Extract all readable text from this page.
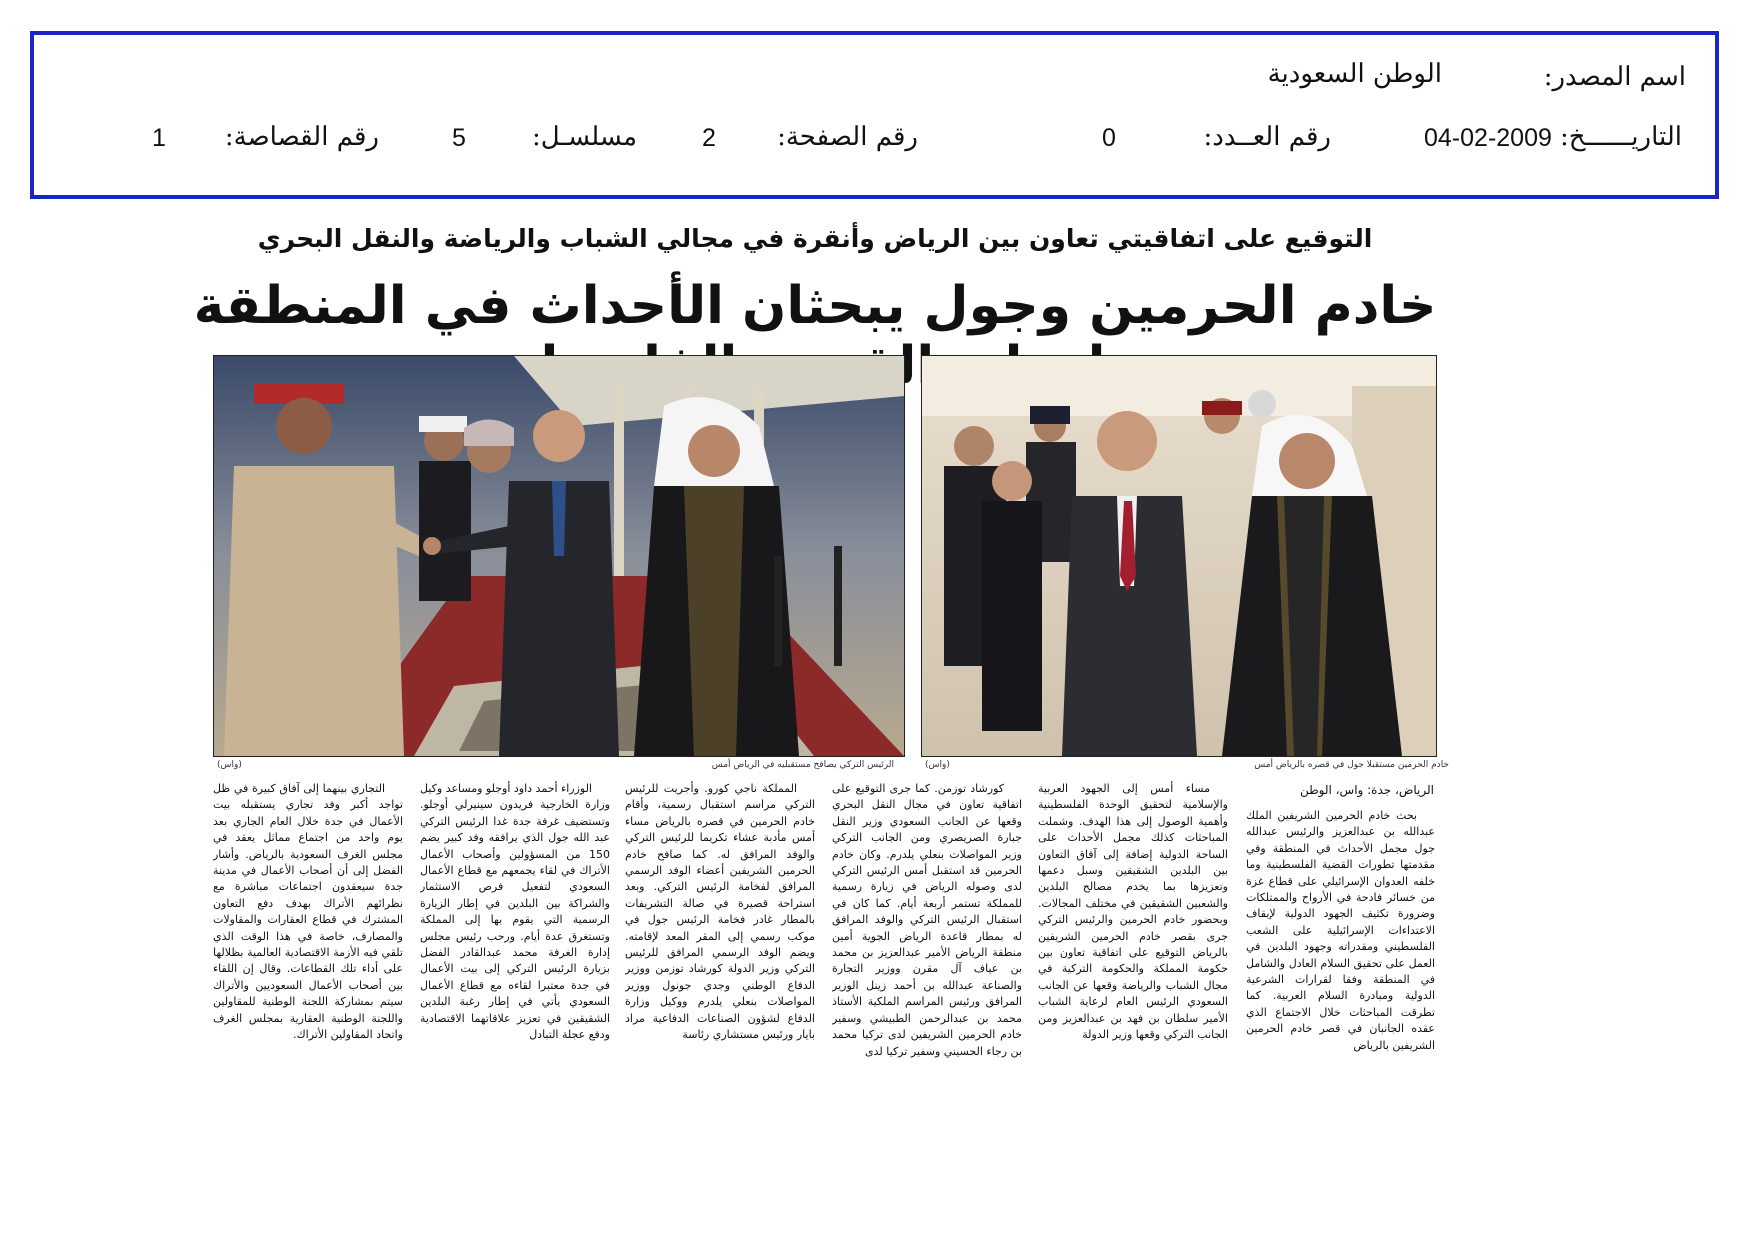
اسم المصدر:
الوطن السعودية
التاريــــــخ:
04-02-2009
رقم العــدد:
0
رقم الصفحة:
2
مسلسـل:
5
رقم القصاصة:
1
التوقيع على اتفاقيتي تعاون بين الرياض وأنقرة في مجالي الشباب والرياضة والنقل البحري
خادم الحرمين وجول يبحثان الأحداث في المنطقة
خادم الحرمين مستقبلا جول في قصره بالرياض أمس
(واس)
الرئيس التركي يصافح مستقبليه في الرياض أمس
(واس)
الرياض، جدة: واس، الوطن

بحث خادم الحرمين الشريفين الملك عبدالله بن عبدالعزيز والرئيس عبدالله جول مجمل الأحداث في المنطقة وفي مقدمتها تطورات القضية الفلسطينية وما خلفه العدوان الإسرائيلي على قطاع غزة من خسائر فادحة في الأرواح والممتلكات وضرورة تكثيف الجهود الدولية لإيقاف الاعتداءات الإسرائيلية على الشعب الفلسطيني ومقدراته وجهود البلدين في العمل على تحقيق السلام العادل والشامل في المنطقة وفقا لقرارات الشرعية الدولية ومبادرة السلام العربية. كما تطرقت المباحثات خلال الاجتماع الذي عقده الجانبان في قصر خادم الحرمين الشريفين بالرياض

مساء أمس إلى الجهود العربية والإسلامية لتحقيق الوحدة الفلسطينية وأهمية الوصول إلى هذا الهدف. وشملت المباحثات كذلك مجمل الأحداث على الساحة الدولية إضافة إلى آفاق التعاون بين البلدين الشقيقين وسبل دعمها وتعزيزها بما يخدم مصالح البلدين والشعبين الشقيقين في مختلف المجالات. وبحضور خادم الحرمين والرئيس التركي جرى بقصر خادم الحرمين الشريفين بالرياض التوقيع على اتفاقية تعاون بين حكومة المملكة والحكومة التركية في مجال الشباب والرياضة وقعها عن الجانب السعودي الرئيس العام لرعاية الشباب الأمير سلطان بن فهد بن عبدالعزيز ومن الجانب التركي وقعها وزير الدولة

كورشاد توزمن. كما جرى التوقيع على اتفاقية تعاون في مجال النقل البحري وقعها عن الجانب السعودي وزير النقل جبارة الصريصري ومن الجانب التركي وزير المواصلات بنعلي يلدرم. وكان خادم الحرمين قد استقبل أمس الرئيس التركي لدى وصوله الرياض في زيارة رسمية للمملكة تستمر أربعة أيام. كما كان في استقبال الرئيس التركي والوفد المرافق له بمطار قاعدة الرياض الجوية أمين منطقة الرياض الأمير عبدالعزيز بن محمد بن عياف آل مقرن ووزير التجارة والصناعة عبدالله بن أحمد زينل الوزير المرافق ورئيس المراسم الملكية الأستاذ محمد بن عبدالرحمن الطبيشي وسفير خادم الحرمين الشريفين لدى تركيا محمد بن رجاء الحسيني وسفير تركيا لدى

المملكة ناجي كورو. وأجريت للرئيس التركي مراسم استقبال رسمية، وأقام خادم الحرمين في قصره بالرياض مساء أمس مأدبة عشاء تكريما للرئيس التركي والوفد المرافق له. كما صافح خادم الحرمين الشريفين أعضاء الوفد الرسمي المرافق لفخامة الرئيس التركي. وبعد استراحة قصيرة في صالة التشريفات بالمطار غادر فخامة الرئيس جول في موكب رسمي إلى المقر المعد لإقامته. ويضم الوفد الرسمي المرافق للرئيس التركي وزير الدولة كورشاد توزمن ووزير الدفاع الوطني وجدي جونول ووزير المواصلات بنعلي يلدرم ووكيل وزارة الدفاع لشؤون الصناعات الدفاعية مراد بايار ورئيس مستشاري رئاسة

الوزراء أحمد داود أوجلو ومساعد وكيل وزارة الخارجية فريدون سينيرلي أوجلو. وتستضيف غرفة جدة غدا الرئيس التركي عبد الله جول الذي يرافقه وفد كبير يضم 150 من المسؤولين وأصحاب الأعمال الأتراك في لقاء يجمعهم مع قطاع الأعمال السعودي لتفعيل فرص الاستثمار والشراكة بين البلدين في إطار الزيارة الرسمية التي يقوم بها إلى المملكة وتستغرق عدة أيام. ورحب رئيس مجلس إدارة الغرفة محمد عبدالقادر الفضل بزيارة الرئيس التركي إلى بيت الأعمال في جدة معتبرا لقاءه مع قطاع الأعمال السعودي يأتي في إطار رغبة البلدين الشقيقين في تعزيز علاقاتهما الاقتصادية ودفع عجلة التبادل

التجاري بينهما إلى آفاق كبيرة في ظل تواجد أكبر وفد تجاري يستقبله بيت الأعمال في جدة خلال العام الجاري بعد يوم واحد من اجتماع مماثل يعقد في مجلس الغرف السعودية بالرياض. وأشار الفضل إلى أن أصحاب الأعمال في مدينة جدة سيعقدون اجتماعات مباشرة مع نظرائهم الأتراك بهدف دفع التعاون المشترك في قطاع العقارات والمقاولات والمصارف، خاصة في هذا الوقت الذي تلقي فيه الأزمة الاقتصادية العالمية بظلالها على أداء تلك القطاعات. وقال إن اللقاء بين أصحاب الأعمال السعوديين والأتراك سيتم بمشاركة اللجنة الوطنية للمقاولين واللجنة الوطنية العقارية بمجلس الغرف واتحاد المقاولين الأتراك.
